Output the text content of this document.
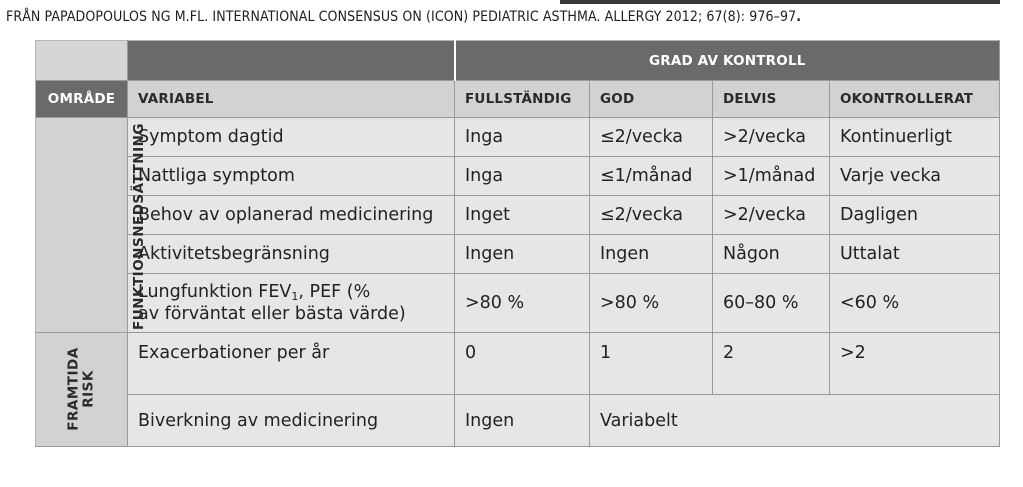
FRÅN PAPADOPOULOS NG M.FL. INTERNATIONAL CONSENSUS ON (ICON) PEDIATRIC ASTHMA. ALLERGY 2012; 67(8): 976–97.
		GRAD AV KONTROLL			
OMRÅDE	VARIABEL	FULLSTÄNDIG	GOD	DELVIS	OKONTROLLERAT
FUNKTIONSNEDSÄTTNING	Symptom dagtid	Inga	≤2/vecka	>2/vecka	Kontinuerligt
	Nattliga symptom	Inga	≤1/månad	>1/månad	Varje vecka
	Behov av oplanerad medicinering	Inget	≤2/vecka	>2/vecka	Dagligen
	Aktivitetsbegränsning	Ingen	Ingen	Någon	Uttalat
	Lungfunktion $FEV_1$, PEF (%
av förväntat eller bästa värde)	>80 %	>80 %	60–80 %	<60 %
FRAMTIDA
RISK	Exacerbationer per år	0	1	2	>2
	Biverkning av medicinering	Ingen	Variabelt		
